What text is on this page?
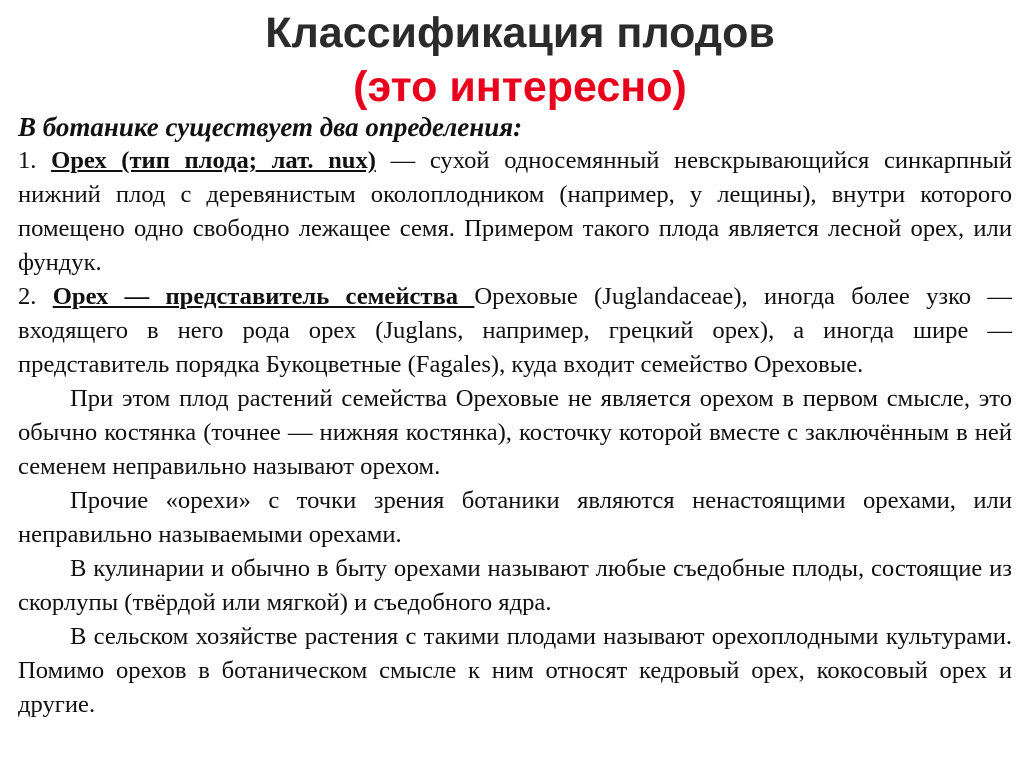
Классификация плодов
(это интересно)

В ботанике существует два определения:

1. Орех (тип плода; лат. nux) — сухой односемянный невскрывающийся синкарпный нижний плод с деревянистым околоплодником (например, у лещины), внутри которого помещено одно свободно лежащее семя. Примером такого плода является лесной орех, или фундук.

2. Орех — представитель семейства Ореховые (Juglandaceae), иногда более узко — входящего в него рода орех (Juglans, например, грецкий орех), а иногда шире — представитель порядка Букоцветные (Fagales), куда входит семейство Ореховые.

При этом плод растений семейства Ореховые не является орехом в первом смысле, это обычно костянка (точнее — нижняя костянка), косточку которой вместе с заключённым в ней семенем неправильно называют орехом.

Прочие «орехи» с точки зрения ботаники являются ненастоящими орехами, или неправильно называемыми орехами.

В кулинарии и обычно в быту орехами называют любые съедобные плоды, состоящие из скорлупы (твёрдой или мягкой) и съедобного ядра.

В сельском хозяйстве растения с такими плодами называют орехоплодными культурами. Помимо орехов в ботаническом смысле к ним относят кедровый орех, кокосовый орех и другие.
